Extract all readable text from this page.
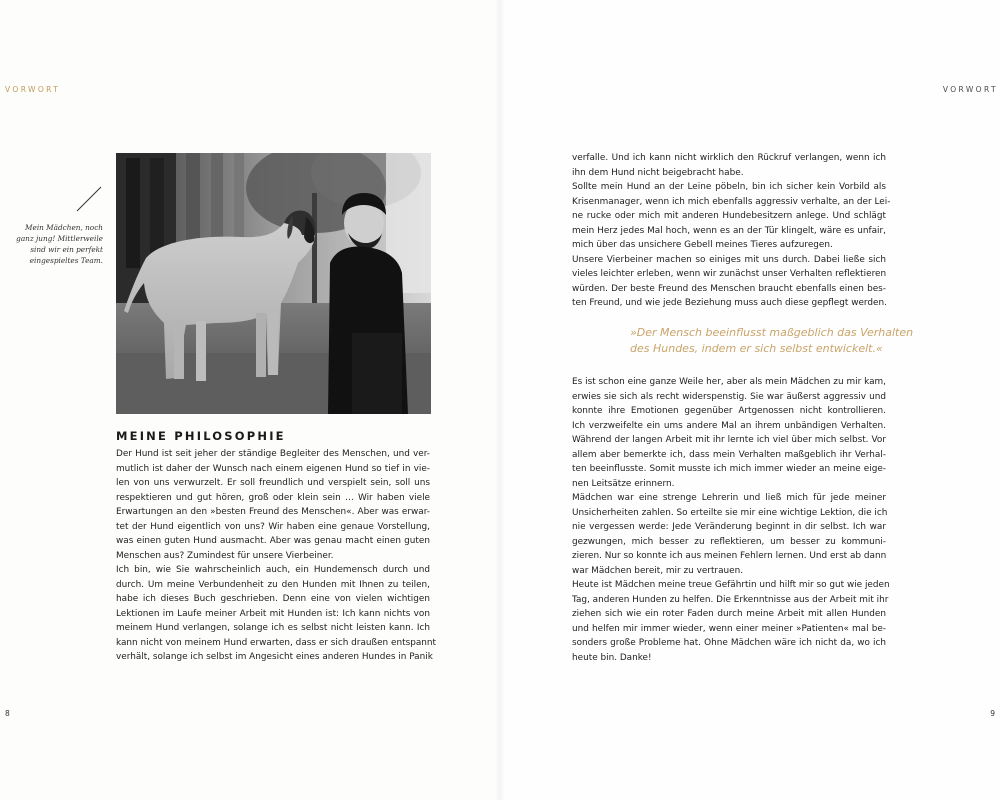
VORWORT
Mein Mädchen, noch
ganz jung! Mittlerweile
sind wir ein perfekt
eingespieltes Team.
MEINE PHILOSOPHIE
Der Hund ist seit jeher der ständige Begleiter des Menschen, und ver-
mutlich ist daher der Wunsch nach einem eigenen Hund so tief in vie-
len von uns verwurzelt. Er soll freundlich und verspielt sein, soll uns
respektieren und gut hören, groß oder klein sein … Wir haben viele
Erwartungen an den »besten Freund des Menschen«. Aber was erwar-
tet der Hund eigentlich von uns? Wir haben eine genaue Vorstellung,
was einen guten Hund ausmacht. Aber was genau macht einen guten
Menschen aus? Zumindest für unsere Vierbeiner.
Ich bin, wie Sie wahrscheinlich auch, ein Hundemensch durch und
durch. Um meine Verbundenheit zu den Hunden mit Ihnen zu teilen,
habe ich dieses Buch geschrieben. Denn eine von vielen wichtigen
Lektionen im Laufe meiner Arbeit mit Hunden ist: Ich kann nichts von
meinem Hund verlangen, solange ich es selbst nicht leisten kann. Ich
kann nicht von meinem Hund erwarten, dass er sich draußen entspannt
verhält, solange ich selbst im Angesicht eines anderen Hundes in Panik
8
VORWORT
verfalle. Und ich kann nicht wirklich den Rückruf verlangen, wenn ich
ihn dem Hund nicht beigebracht habe.
Sollte mein Hund an der Leine pöbeln, bin ich sicher kein Vorbild als
Krisenmanager, wenn ich mich ebenfalls aggressiv verhalte, an der Lei-
ne rucke oder mich mit anderen Hundebesitzern anlege. Und schlägt
mein Herz jedes Mal hoch, wenn es an der Tür klingelt, wäre es unfair,
mich über das unsichere Gebell meines Tieres aufzuregen.
Unsere Vierbeiner machen so einiges mit uns durch. Dabei ließe sich
vieles leichter erleben, wenn wir zunächst unser Verhalten reflektieren
würden. Der beste Freund des Menschen braucht ebenfalls einen bes-
ten Freund, und wie jede Beziehung muss auch diese gepflegt werden.
»Der Mensch beeinflusst maßgeblich das Verhalten
des Hundes, indem er sich selbst entwickelt.«
Es ist schon eine ganze Weile her, aber als mein Mädchen zu mir kam,
erwies sie sich als recht widerspenstig. Sie war äußerst aggressiv und
konnte ihre Emotionen gegenüber Artgenossen nicht kontrollieren.
Ich verzweifelte ein ums andere Mal an ihrem unbändigen Verhalten.
Während der langen Arbeit mit ihr lernte ich viel über mich selbst. Vor
allem aber bemerkte ich, dass mein Verhalten maßgeblich ihr Verhal-
ten beeinflusste. Somit musste ich mich immer wieder an meine eige-
nen Leitsätze erinnern.
Mädchen war eine strenge Lehrerin und ließ mich für jede meiner
Unsicherheiten zahlen. So erteilte sie mir eine wichtige Lektion, die ich
nie vergessen werde: Jede Veränderung beginnt in dir selbst. Ich war
gezwungen, mich besser zu reflektieren, um besser zu kommuni-
zieren. Nur so konnte ich aus meinen Fehlern lernen. Und erst ab dann
war Mädchen bereit, mir zu vertrauen.
Heute ist Mädchen meine treue Gefährtin und hilft mir so gut wie jeden
Tag, anderen Hunden zu helfen. Die Erkenntnisse aus der Arbeit mit ihr
ziehen sich wie ein roter Faden durch meine Arbeit mit allen Hunden
und helfen mir immer wieder, wenn einer meiner »Patienten« mal be-
sonders große Probleme hat. Ohne Mädchen wäre ich nicht da, wo ich
heute bin. Danke!
9
